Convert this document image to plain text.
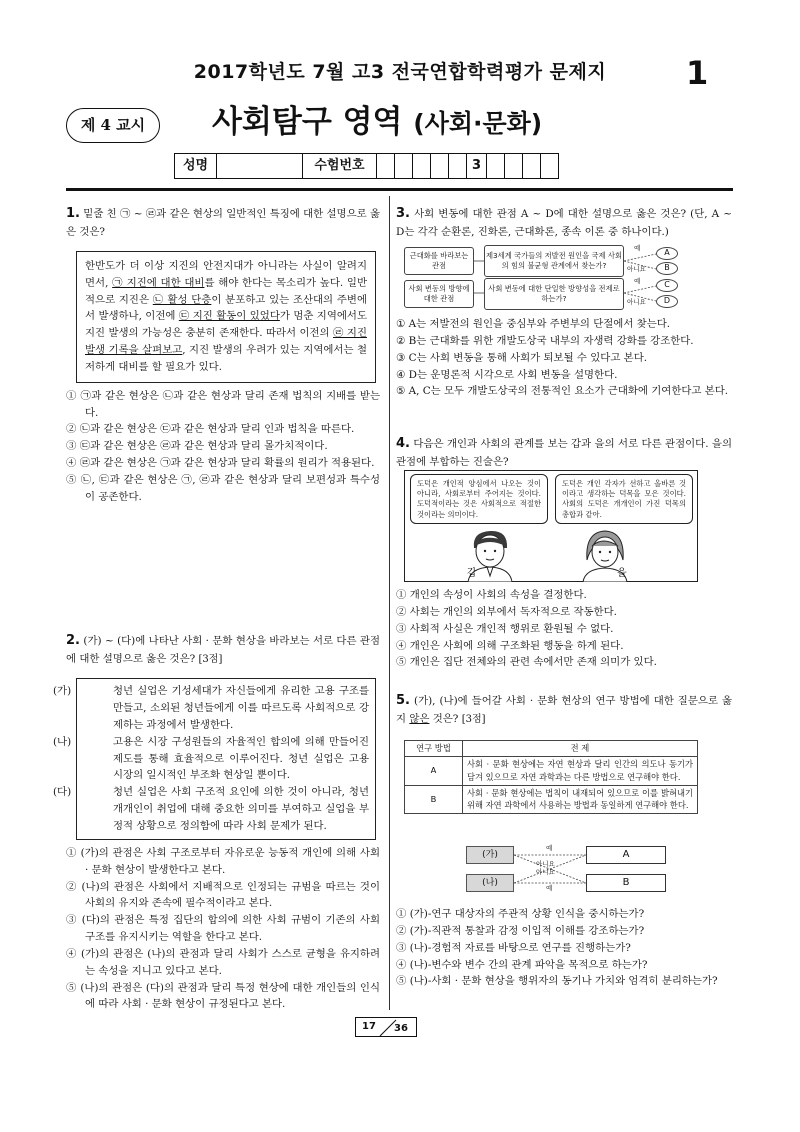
2017학년도 7월 고3 전국연합학력평가 문제지	1
제 4 교시	사회탐구 영역 (사회·문화)
성명		수험번호						3				
1. 밑줄 친 ㉠ ~ ㉣과 같은 현상의 일반적인 특징에 대한 설명으로 옳은 것은?
한반도가 더 이상 지진의 안전지대가 아니라는 사실이 알려지면서, ㉠ 지진에 대한 대비를 해야 한다는 목소리가 높다. 일반적으로 지진은 ㉡ 활성 단층이 분포하고 있는 조산대의 주변에서 발생하나, 이전에 ㉢ 지진 활동이 있었다가 멈춘 지역에서도 지진 발생의 가능성은 충분히 존재한다. 따라서 이전의 ㉣ 지진 발생 기록을 살펴보고, 지진 발생의 우려가 있는 지역에서는 철저하게 대비를 할 필요가 있다.
① ㉠과 같은 현상은 ㉡과 같은 현상과 달리 존재 법칙의 지배를 받는다.
② ㉡과 같은 현상은 ㉢과 같은 현상과 달리 인과 법칙을 따른다.
③ ㉢과 같은 현상은 ㉣과 같은 현상과 달리 몰가치적이다.
④ ㉣과 같은 현상은 ㉠과 같은 현상과 달리 확률의 원리가 적용된다.
⑤ ㉡, ㉢과 같은 현상은 ㉠, ㉣과 같은 현상과 달리 보편성과 특수성이 공존한다.
2. (가) ~ (다)에 나타난 사회 · 문화 현상을 바라보는 서로 다른 관점에 대한 설명으로 옳은 것은? [3점]
(가)	청년 실업은 기성세대가 자신들에게 유리한 고용 구조를 만들고, 소외된 청년들에게 이를 따르도록 사회적으로 강제하는 과정에서 발생한다.
(나)	고용은 시장 구성원들의 자율적인 합의에 의해 만들어진 제도를 통해 효율적으로 이루어진다. 청년 실업은 고용 시장의 일시적인 부조화 현상일 뿐이다.
(다)	청년 실업은 사회 구조적 요인에 의한 것이 아니라, 청년 개개인이 취업에 대해 중요한 의미를 부여하고 실업을 부정적 상황으로 정의함에 따라 사회 문제가 된다.
① (가)의 관점은 사회 구조로부터 자유로운 능동적 개인에 의해 사회 · 문화 현상이 발생한다고 본다.
② (나)의 관점은 사회에서 지배적으로 인정되는 규범을 따르는 것이 사회의 유지와 존속에 필수적이라고 본다.
③ (다)의 관점은 특정 집단의 합의에 의한 사회 규범이 기존의 사회 구조를 유지시키는 역할을 한다고 본다.
④ (가)의 관점은 (나)의 관점과 달리 사회가 스스로 균형을 유지하려는 속성을 지니고 있다고 본다.
⑤ (나)의 관점은 (다)의 관점과 달리 특정 현상에 대한 개인들의 인식에 따라 사회 · 문화 현상이 규정된다고 본다.
3. 사회 변동에 대한 관점 A ~ D에 대한 설명으로 옳은 것은? (단, A ~ D는 각각 순환론, 진화론, 근대화론, 종속 이론 중 하나이다.)
근대화를 바라보는 관점
제3세계 국가들의 저발전 원인을 국제 사회의 힘의 불균형 관계에서 찾는가?
사회 변동의 방향에 대한 관점
사회 변동에 대한 단일한 방향성을 전제로 하는가?
예
아니요
예
아니요
A
B
C
D
① A는 저발전의 원인을 중심부와 주변부의 단절에서 찾는다.
② B는 근대화를 위한 개발도상국 내부의 자생력 강화를 강조한다.
③ C는 사회 변동을 통해 사회가 퇴보될 수 있다고 본다.
④ D는 운명론적 시각으로 사회 변동을 설명한다.
⑤ A, C는 모두 개발도상국의 전통적인 요소가 근대화에 기여한다고 본다.
4. 다음은 개인과 사회의 관계를 보는 갑과 을의 서로 다른 관점이다. 을의 관점에 부합하는 진술은?
도덕은 개인적 양심에서 나오는 것이 아니라, 사회로부터 주어지는 것이다. 도덕적이라는 것은 사회적으로 적절한 것이라는 의미이다.
도덕은 개인 각자가 선하고 올바른 것이라고 생각하는 덕목을 모은 것이다. 사회의 도덕은 개개인이 가진 덕목의 총합과 같아.
갑	을
① 개인의 속성이 사회의 속성을 결정한다.
② 사회는 개인의 외부에서 독자적으로 작동한다.
③ 사회적 사실은 개인적 행위로 환원될 수 없다.
④ 개인은 사회에 의해 구조화된 행동을 하게 된다.
⑤ 개인은 집단 전체와의 관련 속에서만 존재 의미가 있다.
5. (가), (나)에 들어갈 사회 · 문화 현상의 연구 방법에 대한 질문으로 옳지 않은 것은? [3점]
연구 방법	전 제
A	사회 · 문화 현상에는 자연 현상과 달리 인간의 의도나 동기가 담겨 있으므로 자연 과학과는 다른 방법으로 연구해야 한다.
B	사회 · 문화 현상에는 법칙이 내재되어 있으므로 이를 밝혀내기 위해 자연 과학에서 사용하는 방법과 동일하게 연구해야 한다.
(가)
(나)
예
아니요
아니요
예
A
B
① (가)-연구 대상자의 주관적 상황 인식을 중시하는가?
② (가)-직관적 통찰과 감정 이입적 이해를 강조하는가?
③ (나)-경험적 자료를 바탕으로 연구를 진행하는가?
④ (나)-변수와 변수 간의 관계 파악을 목적으로 하는가?
⑤ (나)-사회 · 문화 현상을 행위자의 동기나 가치와 엄격히 분리하는가?
17 36
